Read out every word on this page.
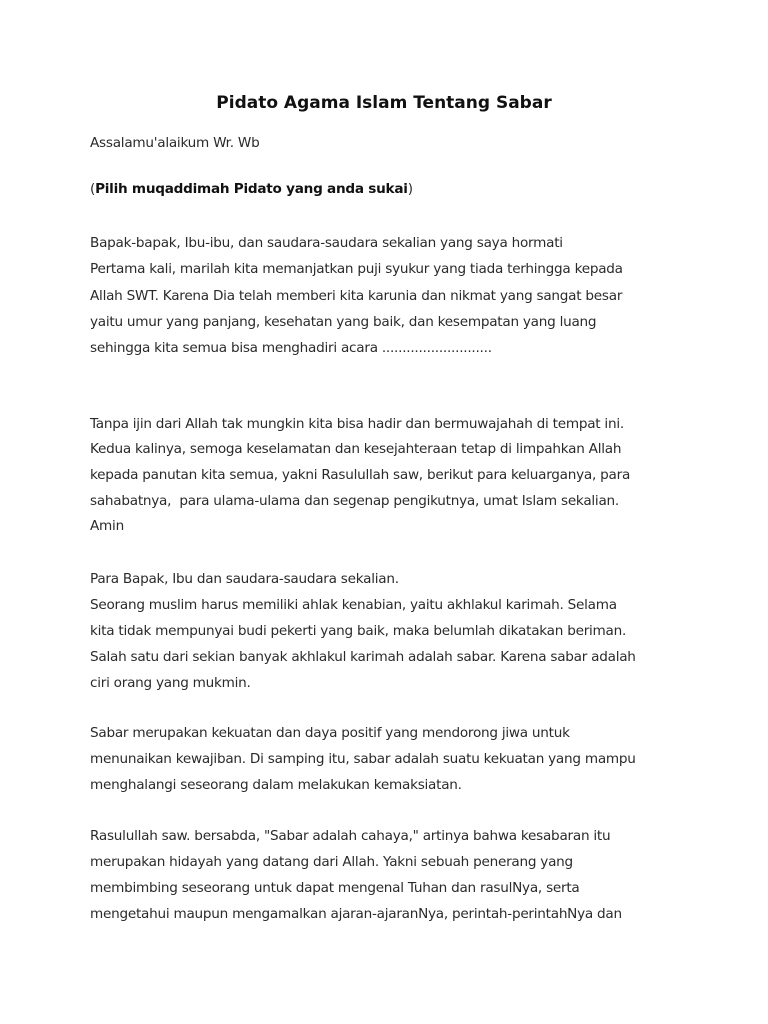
Pidato Agama Islam Tentang Sabar
Assalamu'alaikum Wr. Wb
(Pilih muqaddimah Pidato yang anda sukai)
Bapak-bapak, Ibu-ibu, dan saudara-saudara sekalian yang saya hormati
Pertama kali, marilah kita memanjatkan puji syukur yang tiada terhingga kepada
Allah SWT. Karena Dia telah memberi kita karunia dan nikmat yang sangat besar
yaitu umur yang panjang, kesehatan yang baik, dan kesempatan yang luang
sehingga kita semua bisa menghadiri acara ...........................
Tanpa ijin dari Allah tak mungkin kita bisa hadir dan bermuwajahah di tempat ini.
Kedua kalinya, semoga keselamatan dan kesejahteraan tetap di limpahkan Allah
kepada panutan kita semua, yakni Rasulullah saw, berikut para keluarganya, para
sahabatnya,  para ulama-ulama dan segenap pengikutnya, umat Islam sekalian.
Amin
Para Bapak, Ibu dan saudara-saudara sekalian.
Seorang muslim harus memiliki ahlak kenabian, yaitu akhlakul karimah. Selama
kita tidak mempunyai budi pekerti yang baik, maka belumlah dikatakan beriman.
Salah satu dari sekian banyak akhlakul karimah adalah sabar. Karena sabar adalah
ciri orang yang mukmin.
Sabar merupakan kekuatan dan daya positif yang mendorong jiwa untuk
menunaikan kewajiban. Di samping itu, sabar adalah suatu kekuatan yang mampu
menghalangi seseorang dalam melakukan kemaksiatan.
Rasulullah saw. bersabda, "Sabar adalah cahaya," artinya bahwa kesabaran itu
merupakan hidayah yang datang dari Allah. Yakni sebuah penerang yang
membimbing seseorang untuk dapat mengenal Tuhan dan rasulNya, serta
mengetahui maupun mengamalkan ajaran-ajaranNya, perintah-perintahNya dan
